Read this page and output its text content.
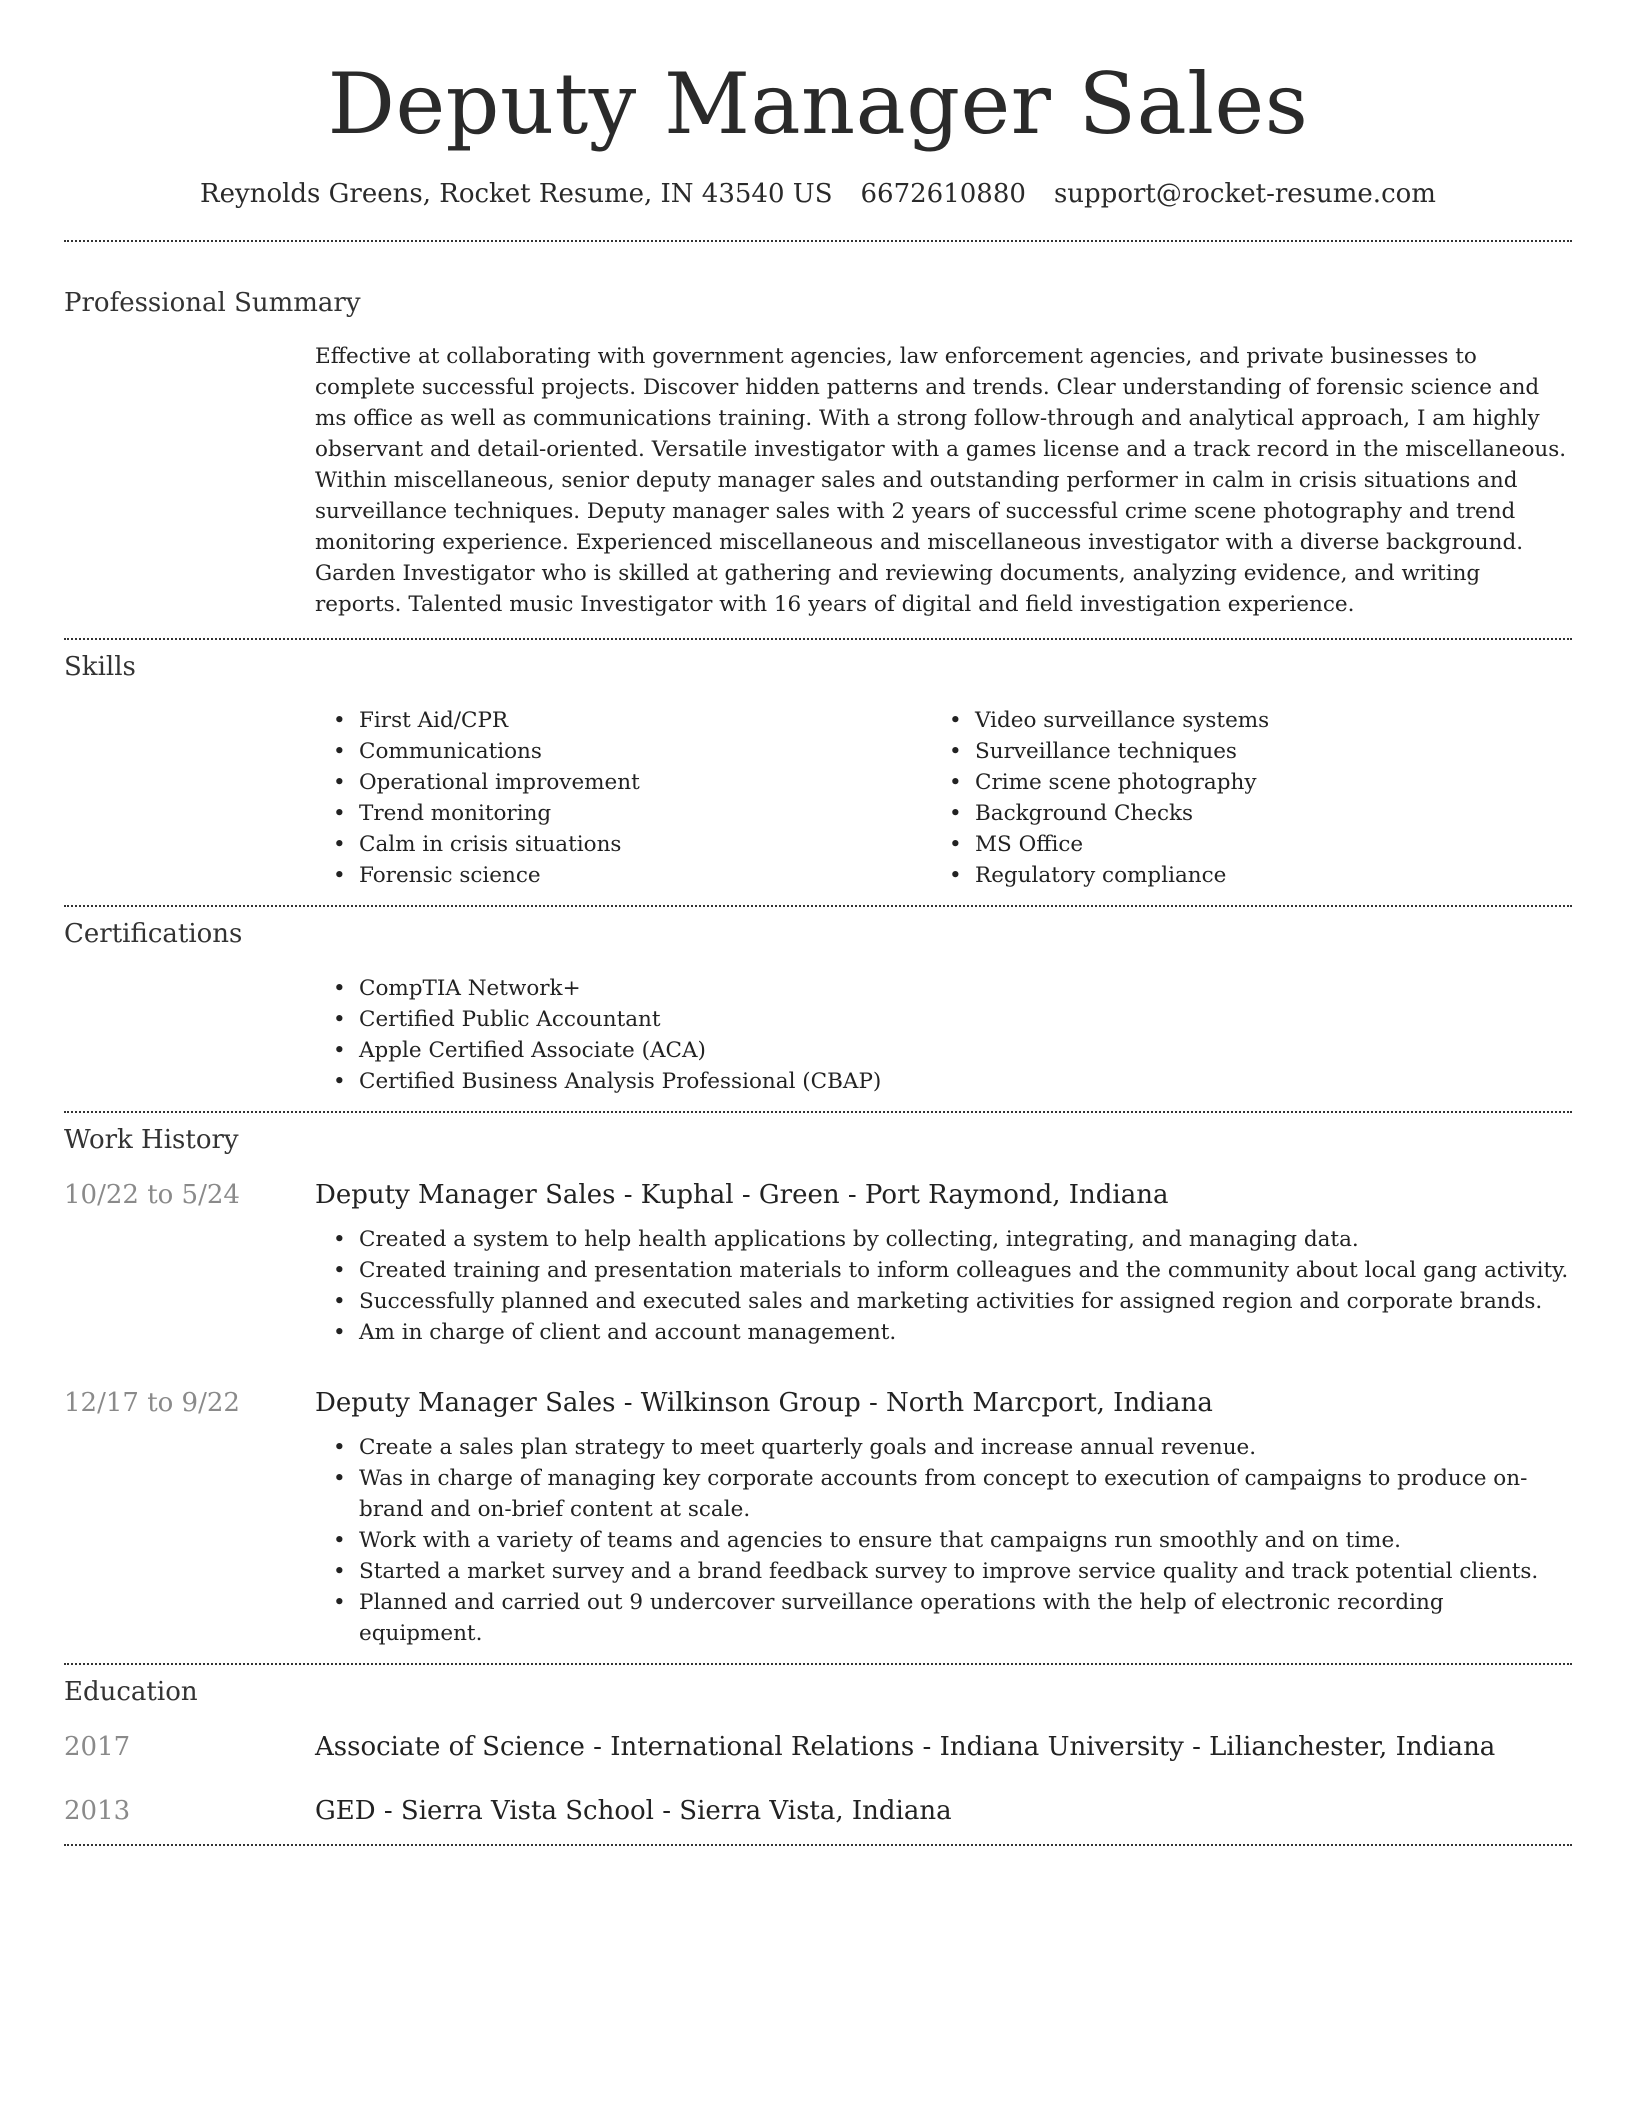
Deputy Manager Sales
Reynolds Greens, Rocket Resume, IN 43540 US 6672610880 support@rocket-resume.com
Professional Summary

Effective at collaborating with government agencies, law enforcement agencies, and private businesses to complete successful projects. Discover hidden patterns and trends. Clear understanding of forensic science and ms office as well as communications training. With a strong follow-through and analytical approach, I am highly observant and detail-oriented. Versatile investigator with a games license and a track record in the miscellaneous. Within miscellaneous, senior deputy manager sales and outstanding performer in calm in crisis situations and surveillance techniques. Deputy manager sales with 2 years of successful crime scene photography and trend monitoring experience. Experienced miscellaneous and miscellaneous investigator with a diverse background. Garden Investigator who is skilled at gathering and reviewing documents, analyzing evidence, and writing reports. Talented music Investigator with 16 years of digital and field investigation experience.

Skills
• First Aid/CPR
• Communications
• Operational improvement
• Trend monitoring
• Calm in crisis situations
• Forensic science
• Video surveillance systems
• Surveillance techniques
• Crime scene photography
• Background Checks
• MS Office
• Regulatory compliance
Certifications
• CompTIA Network+
• Certified Public Accountant
• Apple Certified Associate (ACA)
• Certified Business Analysis Professional (CBAP)
Work History
10/22 to 5/24	Deputy Manager Sales - Kuphal - Green - Port Raymond, Indiana
• Created a system to help health applications by collecting, integrating, and managing data.
• Created training and presentation materials to inform colleagues and the community about local gang activity.
• Successfully planned and executed sales and marketing activities for assigned region and corporate brands.
• Am in charge of client and account management.
12/17 to 9/22	Deputy Manager Sales - Wilkinson Group - North Marcport, Indiana
• Create a sales plan strategy to meet quarterly goals and increase annual revenue.
• Was in charge of managing key corporate accounts from concept to execution of campaigns to produce on-brand and on-brief content at scale.
• Work with a variety of teams and agencies to ensure that campaigns run smoothly and on time.
• Started a market survey and a brand feedback survey to improve service quality and track potential clients.
• Planned and carried out 9 undercover surveillance operations with the help of electronic recording equipment.
Education
2017	Associate of Science - International Relations - Indiana University - Lilianchester, Indiana
2013	GED - Sierra Vista School - Sierra Vista, Indiana
